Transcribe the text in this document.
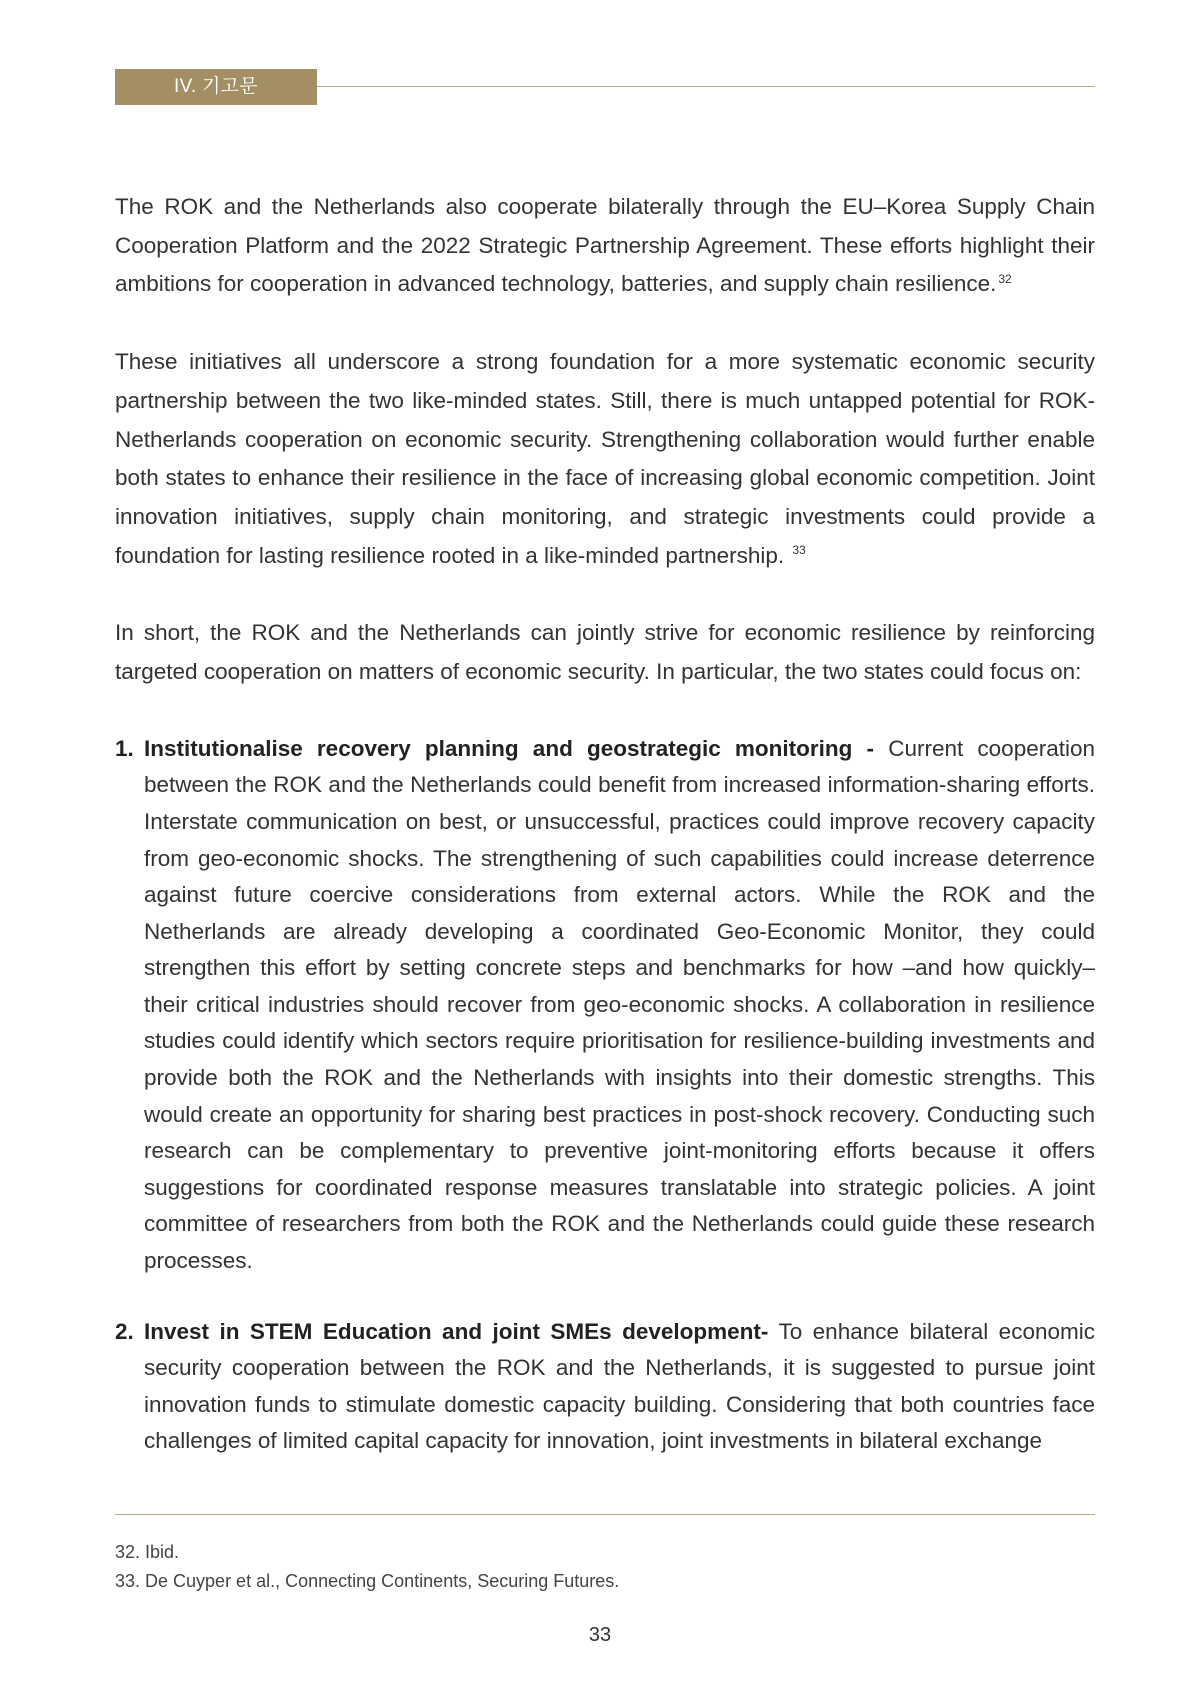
IV. 기고문

The ROK and the Netherlands also cooperate bilaterally through the EU–Korea Supply Chain Cooperation Platform and the 2022 Strategic Partnership Agreement. These efforts highlight their ambitions for cooperation in advanced technology, batteries, and supply chain resilience. $^{32}$

These initiatives all underscore a strong foundation for a more systematic economic security partnership between the two like-minded states. Still, there is much untapped potential for ROK-Netherlands cooperation on economic security. Strengthening collaboration would further enable both states to enhance their resilience in the face of increasing global economic competition. Joint innovation initiatives, supply chain monitoring, and strategic investments could provide a foundation for lasting resilience rooted in a like-minded partnership. $^{33}$

In short, the ROK and the Netherlands can jointly strive for economic resilience by reinforcing targeted cooperation on matters of economic security. In particular, the two states could focus on:

1. Institutionalise recovery planning and geostrategic monitoring - Current cooperation between the ROK and the Netherlands could benefit from increased information-sharing efforts. Interstate communication on best, or unsuccessful, practices could improve recovery capacity from geo-economic shocks. The strengthening of such capabilities could increase deterrence against future coercive considerations from external actors. While the ROK and the Netherlands are already developing a coordinated Geo-Economic Monitor, they could strengthen this effort by setting concrete steps and benchmarks for how –and how quickly– their critical industries should recover from geo-economic shocks. A collaboration in resilience studies could identify which sectors require prioritisation for resilience-building investments and provide both the ROK and the Netherlands with insights into their domestic strengths. This would create an opportunity for sharing best practices in post-shock recovery. Conducting such research can be complementary to preventive joint-monitoring efforts because it offers suggestions for coordinated response measures translatable into strategic policies. A joint committee of researchers from both the ROK and the Netherlands could guide these research processes.
2. Invest in STEM Education and joint SMEs development- To enhance bilateral economic security cooperation between the ROK and the Netherlands, it is suggested to pursue joint innovation funds to stimulate domestic capacity building. Considering that both countries face challenges of limited capital capacity for innovation, joint investments in bilateral exchange
32. Ibid.
33. De Cuyper et al., Connecting Continents, Securing Futures.
33
